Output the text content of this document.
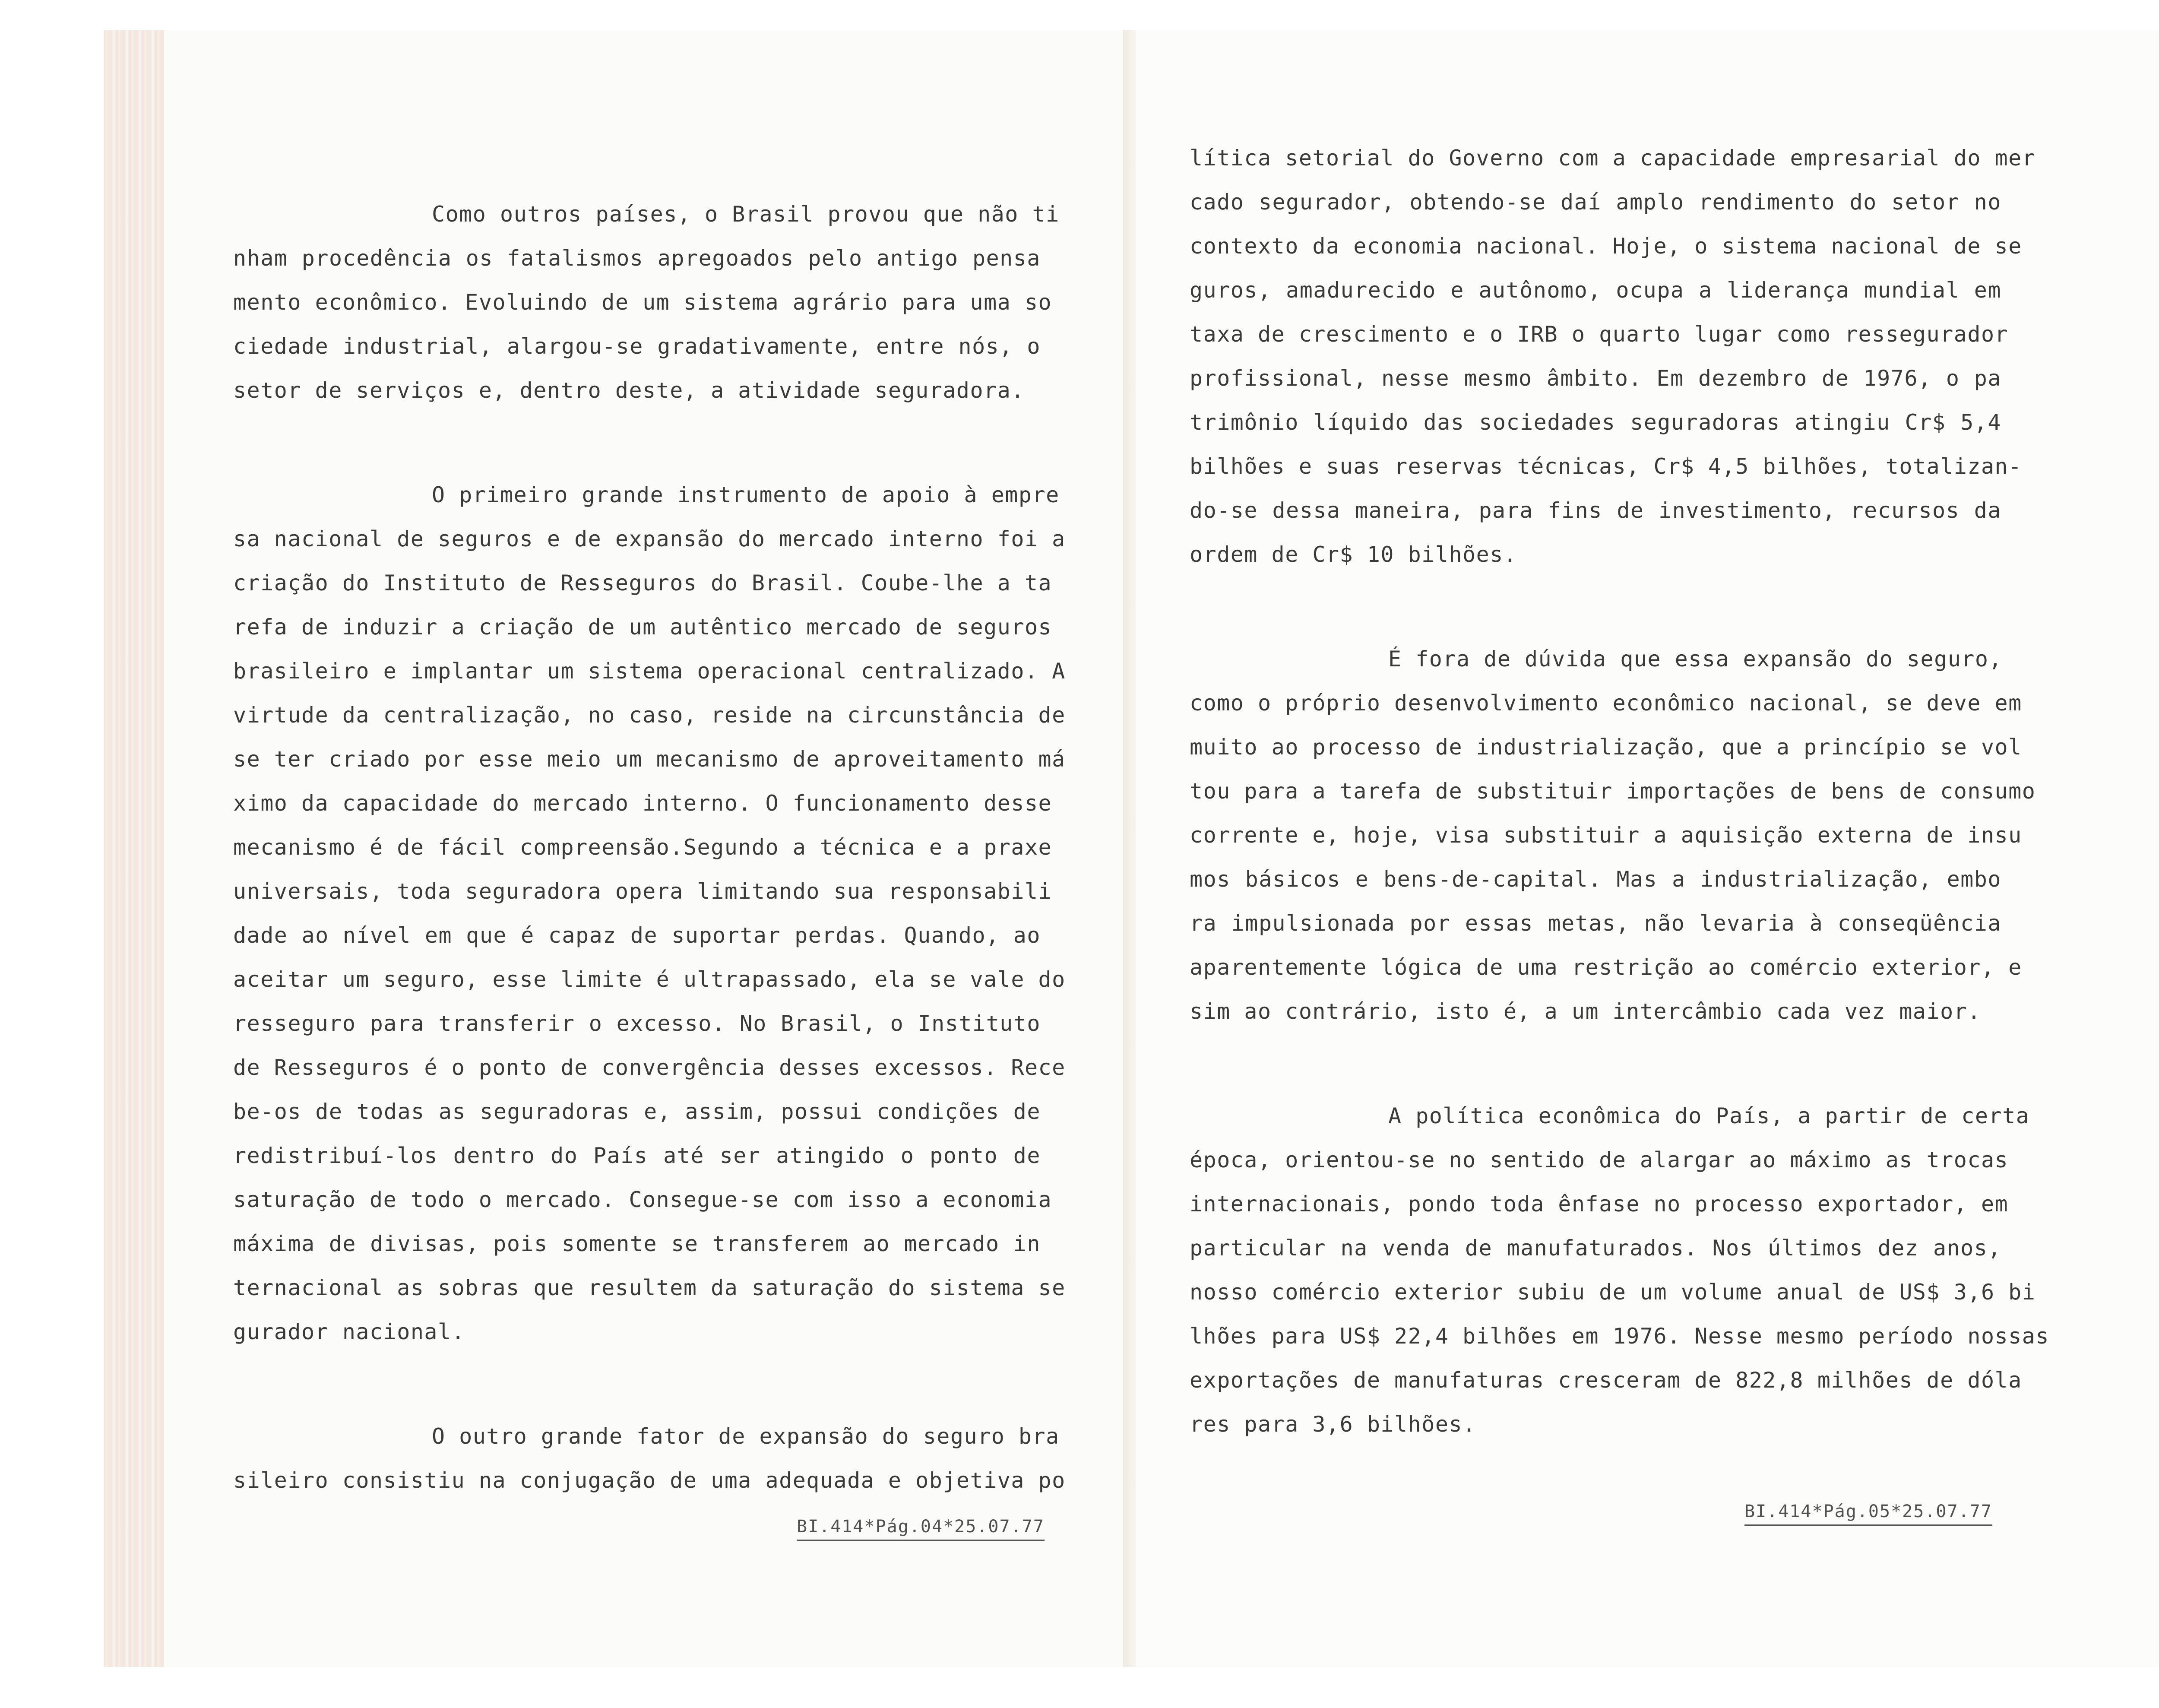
Como outros países, o Brasil provou que não ti
nham procedência os fatalismos apregoados pelo antigo pensa
mento econômico. Evoluindo de um sistema agrário para uma so
ciedade industrial, alargou-se gradativamente, entre nós, o
setor de serviços e, dentro deste, a atividade seguradora.
O primeiro grande instrumento de apoio à empre
sa nacional de seguros e de expansão do mercado interno foi a
criação do Instituto de Resseguros do Brasil. Coube-lhe a ta
refa de induzir a criação de um autêntico mercado de seguros
brasileiro e implantar um sistema operacional centralizado. A
virtude da centralização, no caso, reside na circunstância de
se ter criado por esse meio um mecanismo de aproveitamento má
ximo da capacidade do mercado interno. O funcionamento desse
mecanismo é de fácil compreensão.Segundo a técnica e a praxe
universais, toda seguradora opera limitando sua responsabili
dade ao nível em que é capaz de suportar perdas. Quando, ao
aceitar um seguro, esse limite é ultrapassado, ela se vale do
resseguro para transferir o excesso. No Brasil, o Instituto
de Resseguros é o ponto de convergência desses excessos. Rece
be-os de todas as seguradoras e, assim, possui condições de
redistribuí-los dentro do País até ser atingido o ponto de
saturação de todo o mercado. Consegue-se com isso a economia
máxima de divisas, pois somente se transferem ao mercado in
ternacional as sobras que resultem da saturação do sistema se
gurador nacional.
O outro grande fator de expansão do seguro bra
sileiro consistiu na conjugação de uma adequada e objetiva po
lítica setorial do Governo com a capacidade empresarial do mer
cado segurador, obtendo-se daí amplo rendimento do setor no
contexto da economia nacional. Hoje, o sistema nacional de se
guros, amadurecido e autônomo, ocupa a liderança mundial em
taxa de crescimento e o IRB o quarto lugar como ressegurador
profissional, nesse mesmo âmbito. Em dezembro de 1976, o pa
trimônio líquido das sociedades seguradoras atingiu Cr$ 5,4
bilhões e suas reservas técnicas, Cr$ 4,5 bilhões, totalizan-
do-se dessa maneira, para fins de investimento, recursos da
ordem de Cr$ 10 bilhões.
É fora de dúvida que essa expansão do seguro,
como o próprio desenvolvimento econômico nacional, se deve em
muito ao processo de industrialização, que a princípio se vol
tou para a tarefa de substituir importações de bens de consumo
corrente e, hoje, visa substituir a aquisição externa de insu
mos básicos e bens-de-capital. Mas a industrialização, embo
ra impulsionada por essas metas, não levaria à conseqüência
aparentemente lógica de uma restrição ao comércio exterior, e
sim ao contrário, isto é, a um intercâmbio cada vez maior.
A política econômica do País, a partir de certa
época, orientou-se no sentido de alargar ao máximo as trocas
internacionais, pondo toda ênfase no processo exportador, em
particular na venda de manufaturados. Nos últimos dez anos,
nosso comércio exterior subiu de um volume anual de US$ 3,6 bi
lhões para US$ 22,4 bilhões em 1976. Nesse mesmo período nossas
exportações de manufaturas cresceram de 822,8 milhões de dóla
res para 3,6 bilhões.
BI.414*Pág.04*25.07.77
BI.414*Pág.05*25.07.77
